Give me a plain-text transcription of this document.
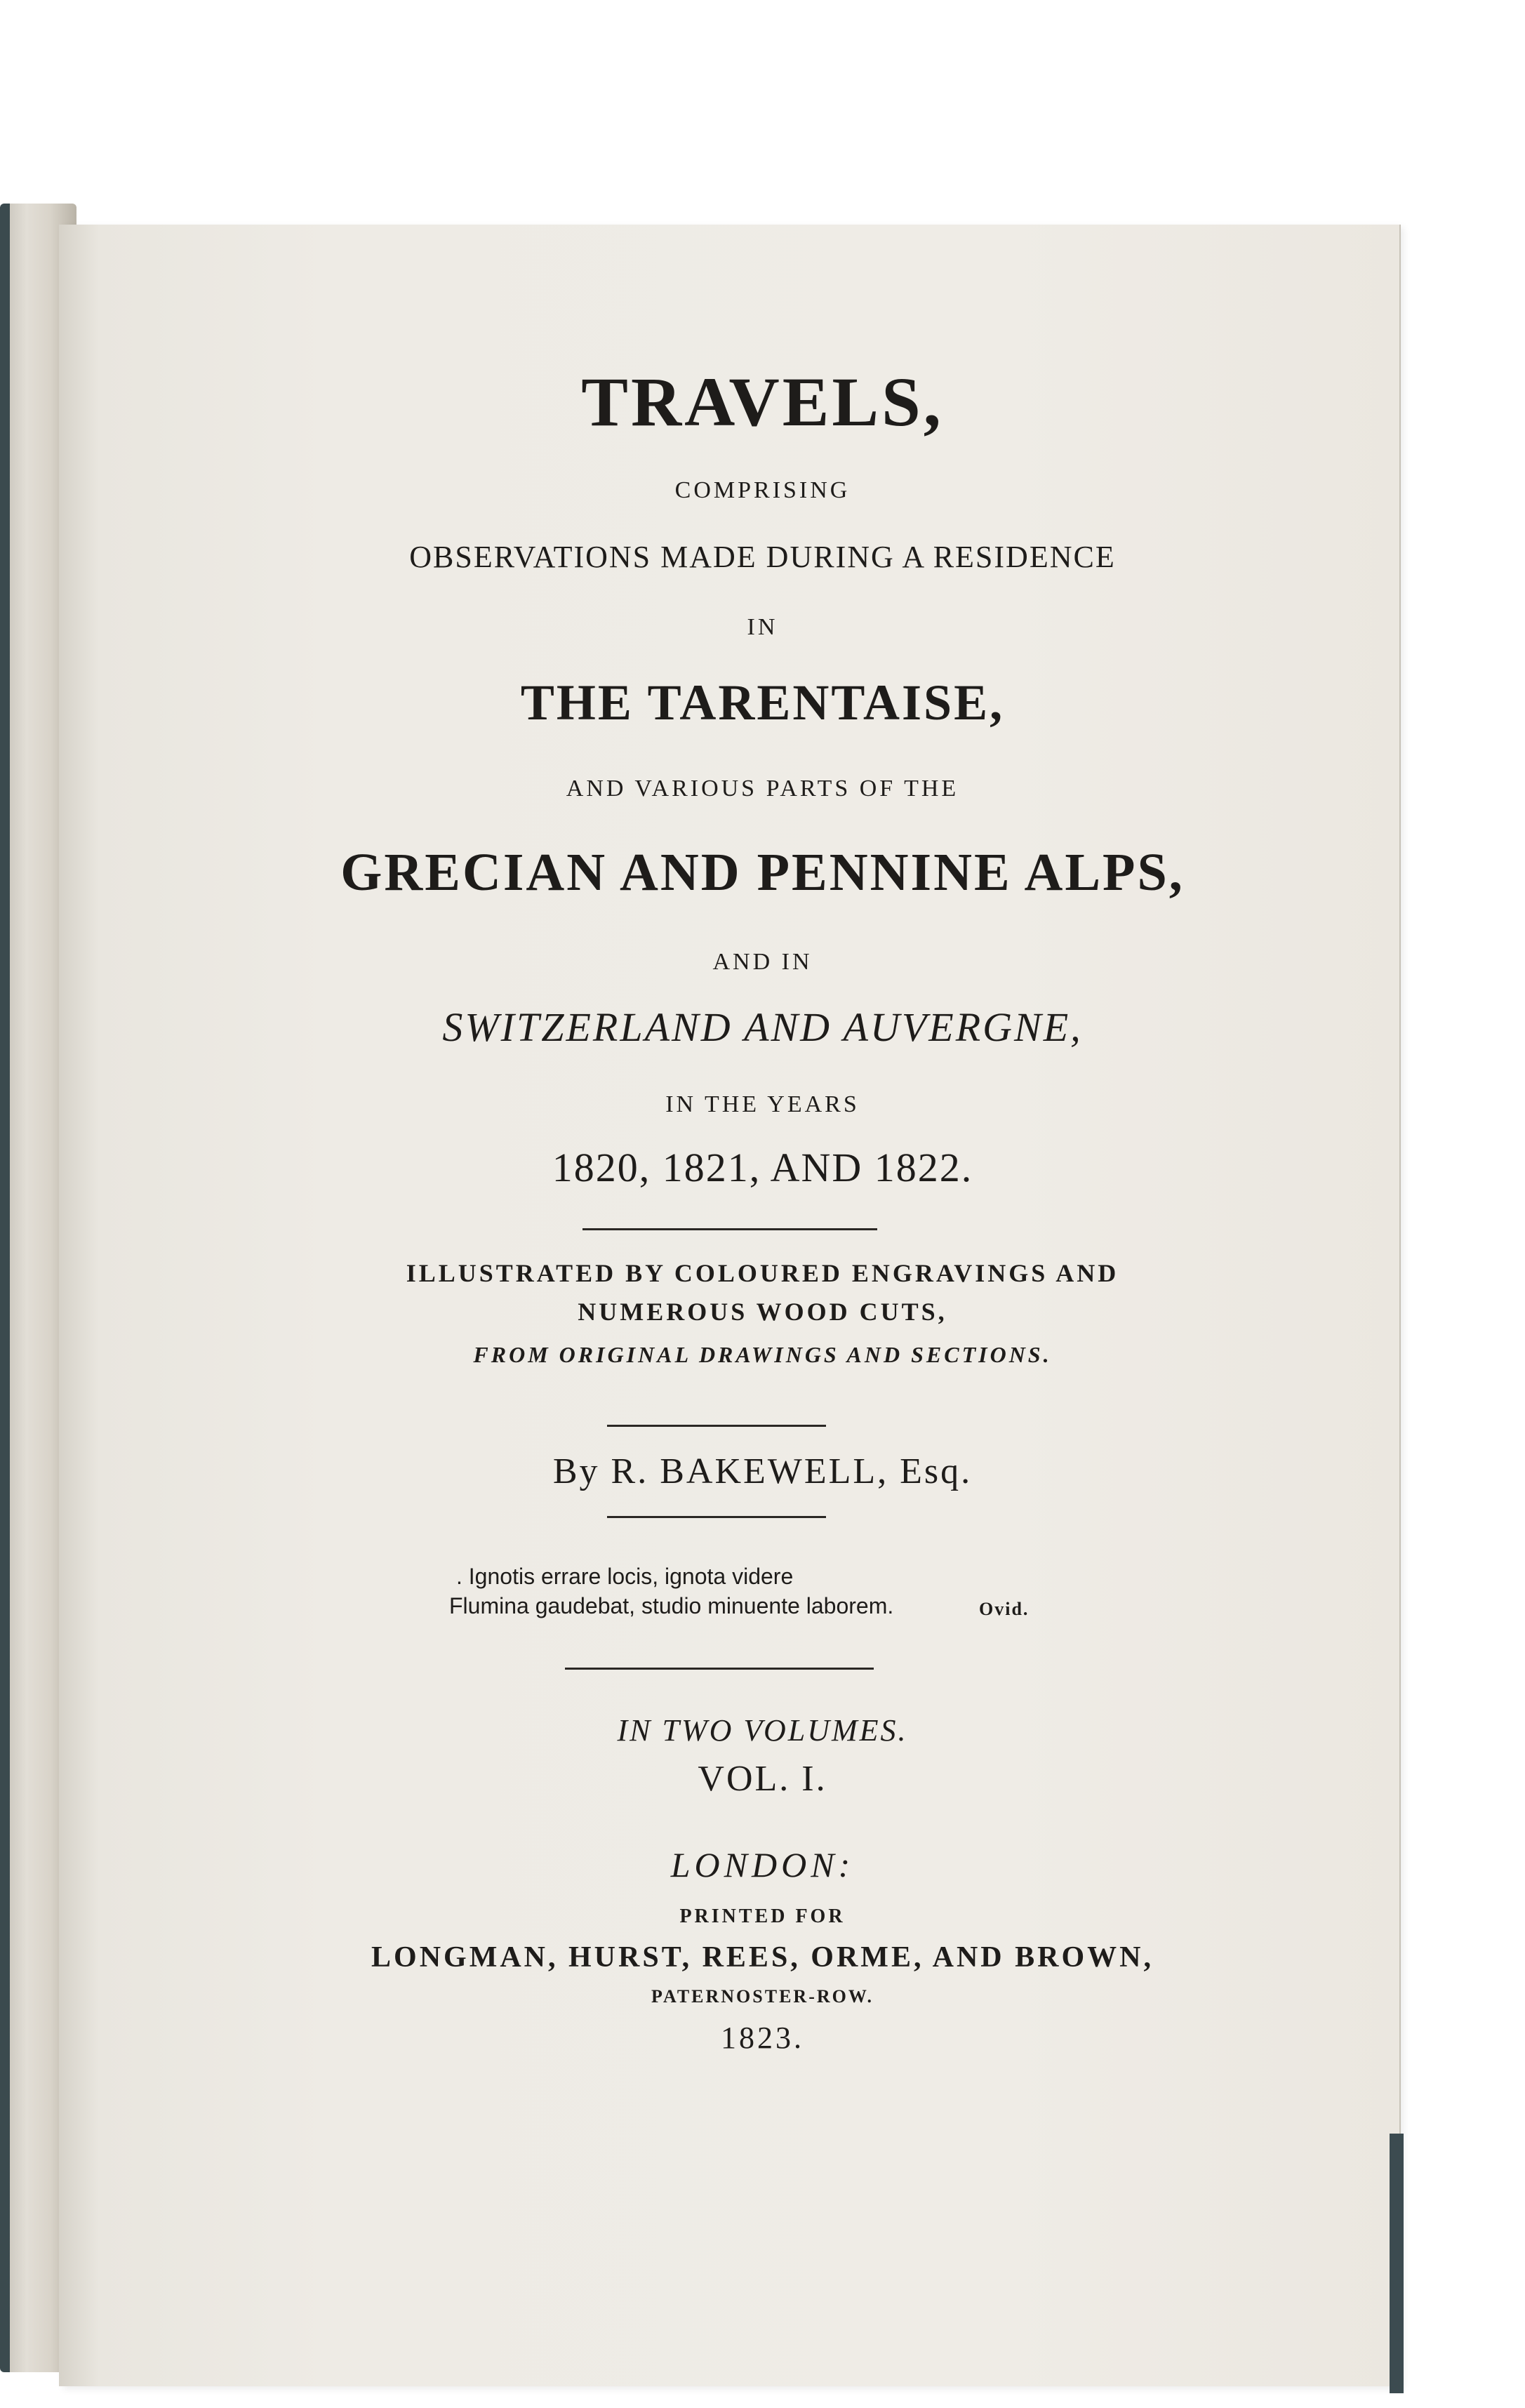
TRAVELS,
COMPRISING
OBSERVATIONS MADE DURING A RESIDENCE
IN
THE TARENTAISE,
AND VARIOUS PARTS OF THE
GRECIAN AND PENNINE ALPS,
AND IN
SWITZERLAND AND AUVERGNE,
IN THE YEARS
1820, 1821, AND 1822.
ILLUSTRATED BY COLOURED ENGRAVINGS AND
NUMEROUS WOOD CUTS,
FROM ORIGINAL DRAWINGS AND SECTIONS.
By R. BAKEWELL, Esq.
. Ignotis errare locis, ignota videre
Flumina gaudebat, studio minuente laborem.	Ovid.
IN TWO VOLUMES.
VOL. I.
LONDON:
PRINTED FOR
LONGMAN, HURST, REES, ORME, AND BROWN,
PATERNOSTER-ROW.
1823.
